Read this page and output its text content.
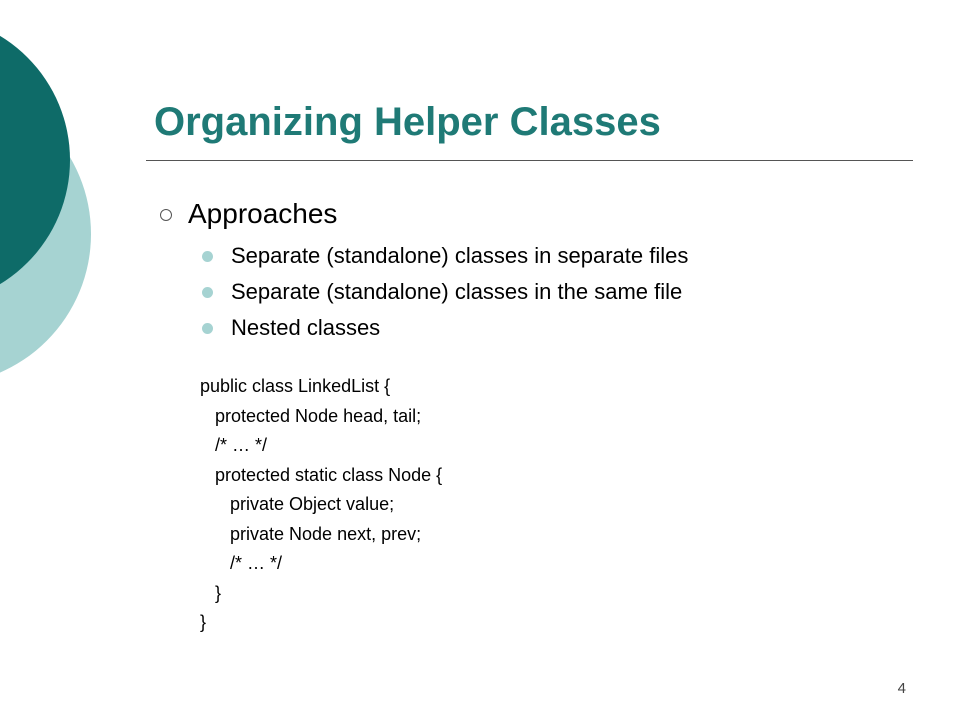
Organizing Helper Classes
Approaches
Separate (standalone) classes in separate files
Separate (standalone) classes in the same file
Nested classes
public class LinkedList {
protected Node head, tail;
/* … */
protected static class Node {
private Object value;
private Node next, prev;
/* … */
}
}
4
